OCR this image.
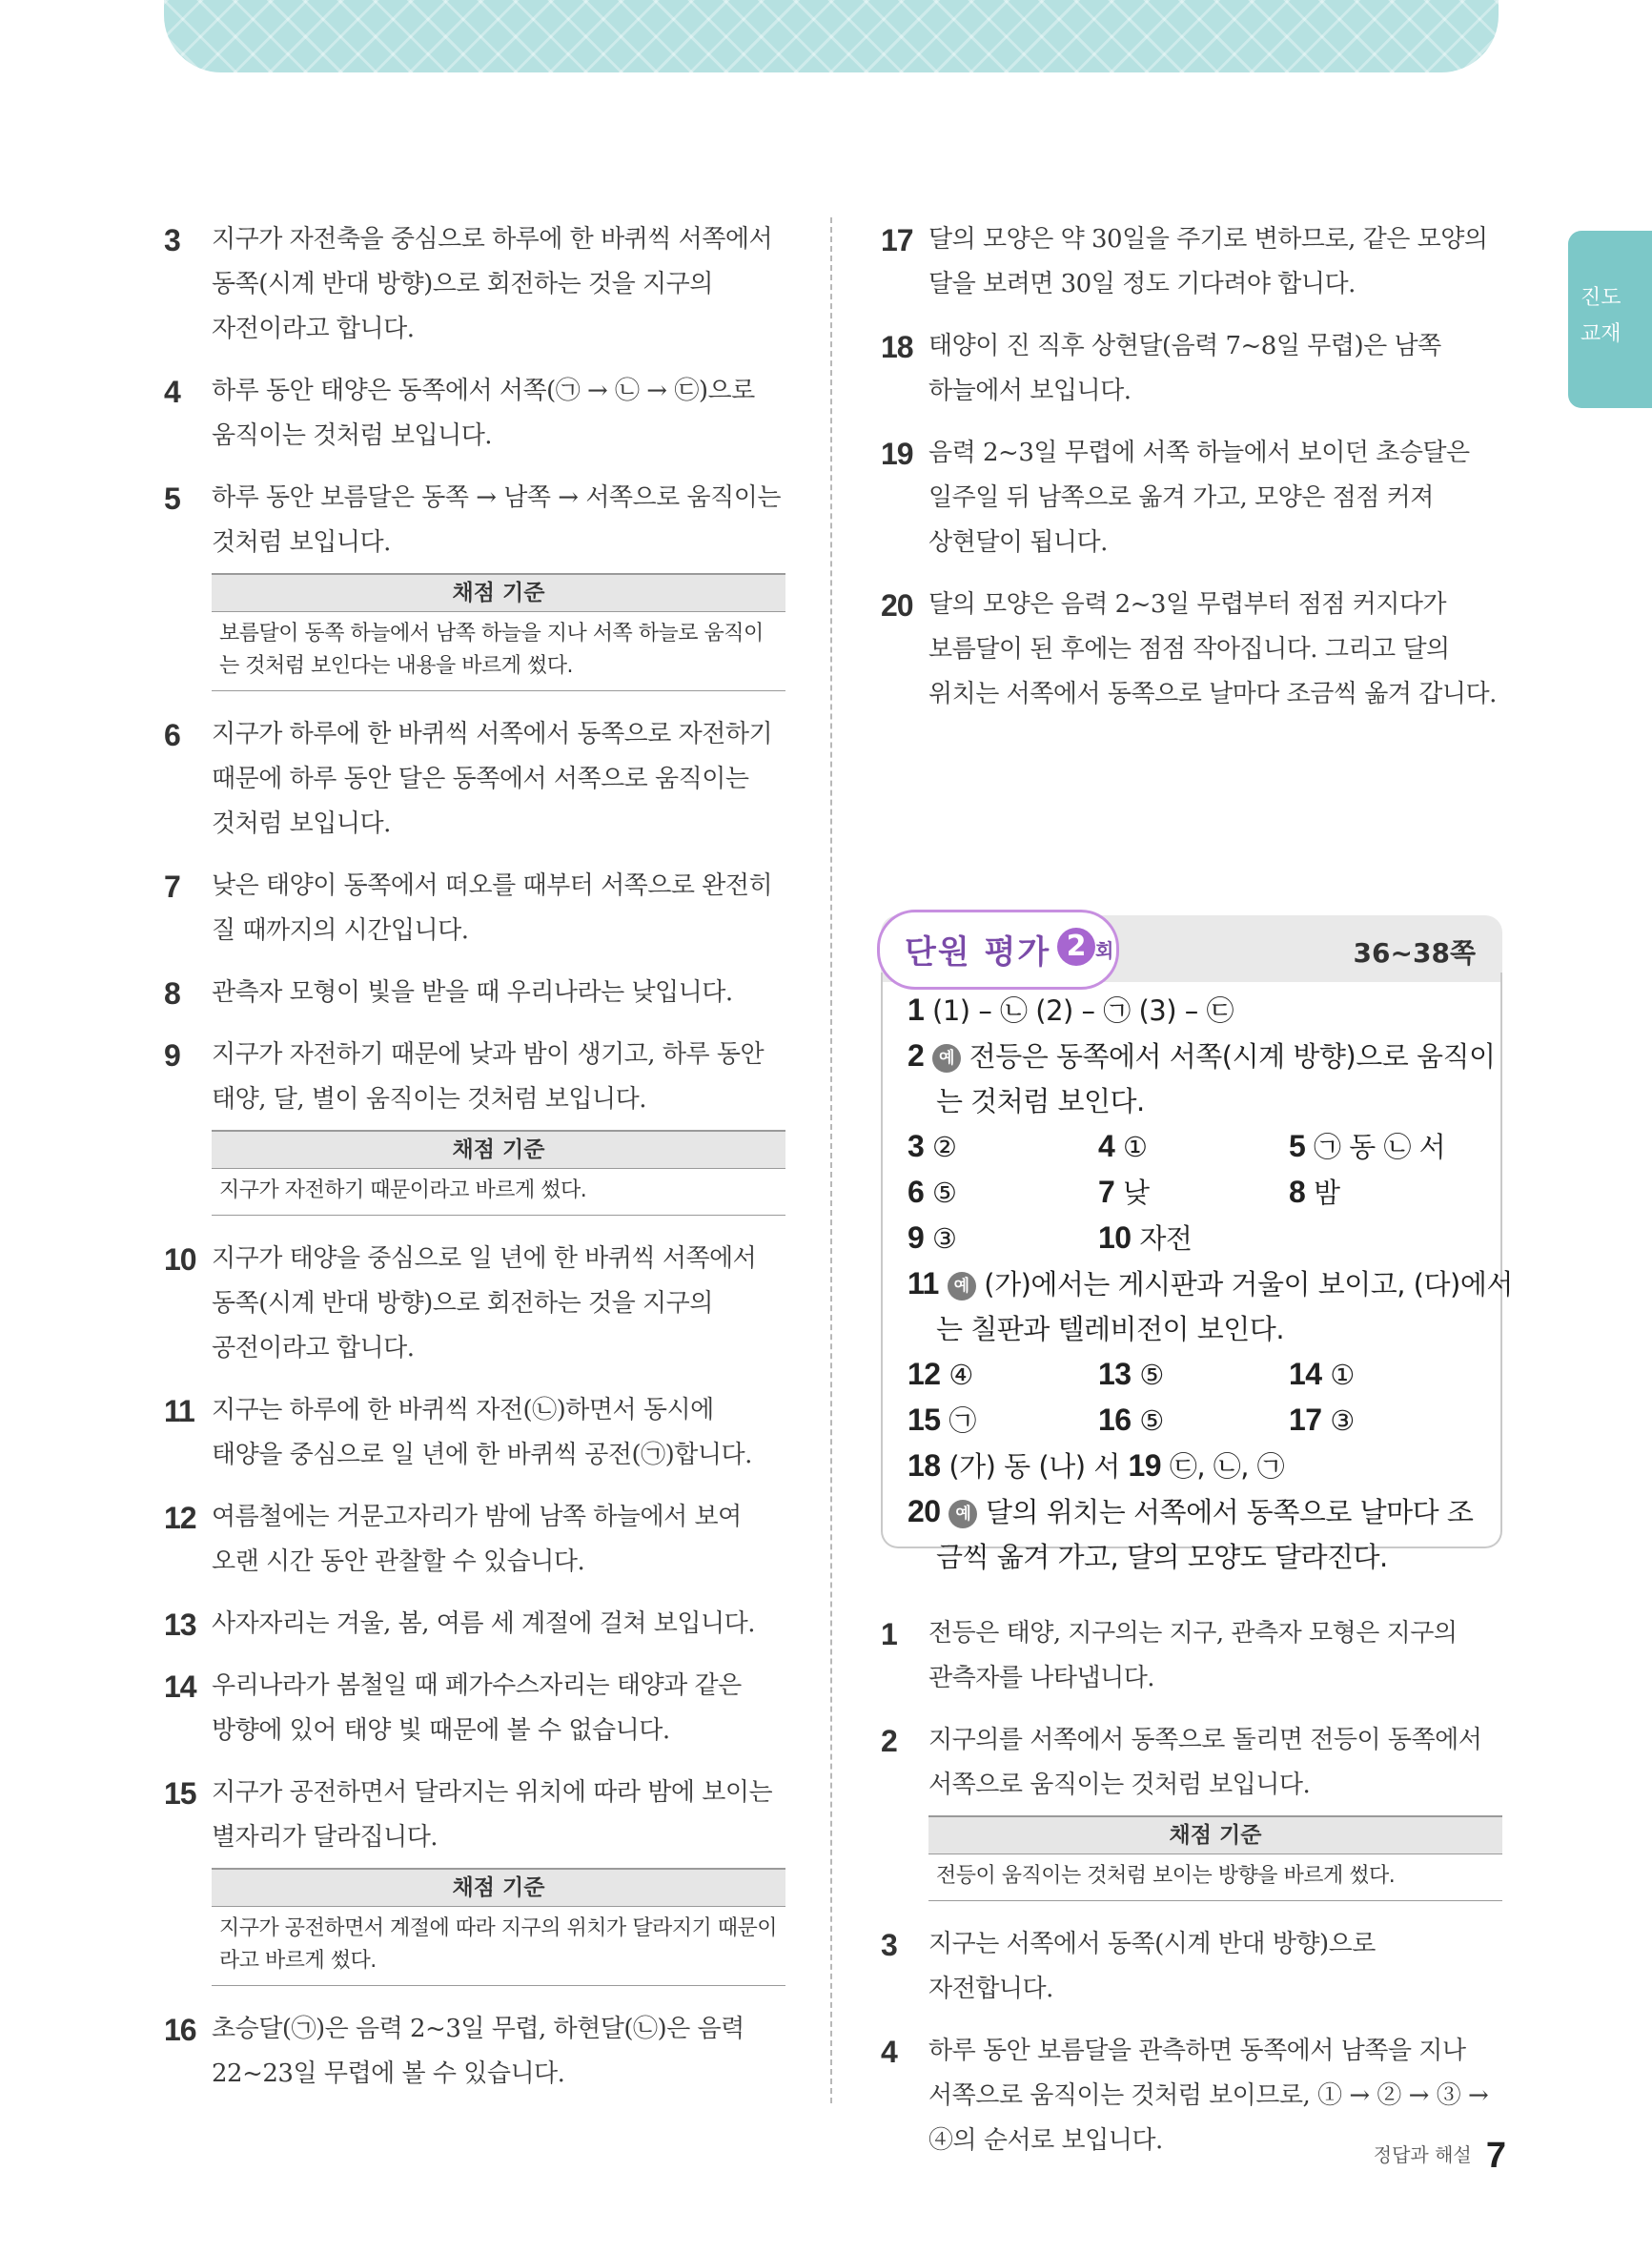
진도
교재
3	지구가 자전축을 중심으로 하루에 한 바퀴씩 서쪽에서 동쪽(시계 반대 방향)으로 회전하는 것을 지구의 자전이라고 합니다.
4	하루 동안 태양은 동쪽에서 서쪽(㉠ → ㉡ → ㉢)으로 움직이는 것처럼 보입니다.
5	하루 동안 보름달은 동쪽 → 남쪽 → 서쪽으로 움직이는 것처럼 보입니다.
채점 기준
보름달이 동쪽 하늘에서 남쪽 하늘을 지나 서쪽 하늘로 움직이는 것처럼 보인다는 내용을 바르게 썼다.
6	지구가 하루에 한 바퀴씩 서쪽에서 동쪽으로 자전하기 때문에 하루 동안 달은 동쪽에서 서쪽으로 움직이는 것처럼 보입니다.
7	낮은 태양이 동쪽에서 떠오를 때부터 서쪽으로 완전히 질 때까지의 시간입니다.
8	관측자 모형이 빛을 받을 때 우리나라는 낮입니다.
9	지구가 자전하기 때문에 낮과 밤이 생기고, 하루 동안 태양, 달, 별이 움직이는 것처럼 보입니다.
채점 기준
지구가 자전하기 때문이라고 바르게 썼다.
10 지구가 태양을 중심으로 일 년에 한 바퀴씩 서쪽에서 동쪽(시계 반대 방향)으로 회전하는 것을 지구의 공전이라고 합니다.
11 지구는 하루에 한 바퀴씩 자전(㉡)하면서 동시에 태양을 중심으로 일 년에 한 바퀴씩 공전(㉠)합니다.
12 여름철에는 거문고자리가 밤에 남쪽 하늘에서 보여 오랜 시간 동안 관찰할 수 있습니다.
13 사자자리는 겨울, 봄, 여름 세 계절에 걸쳐 보입니다.
14 우리나라가 봄철일 때 페가수스자리는 태양과 같은 방향에 있어 태양 빛 때문에 볼 수 없습니다.
15 지구가 공전하면서 달라지는 위치에 따라 밤에 보이는 별자리가 달라집니다.
채점 기준
지구가 공전하면서 계절에 따라 지구의 위치가 달라지기 때문이라고 바르게 썼다.
16 초승달(㉠)은 음력 2~3일 무렵, 하현달(㉡)은 음력 22~23일 무렵에 볼 수 있습니다.
17 달의 모양은 약 30일을 주기로 변하므로, 같은 모양의 달을 보려면 30일 정도 기다려야 합니다.
18 태양이 진 직후 상현달(음력 7~8일 무렵)은 남쪽 하늘에서 보입니다.
19 음력 2~3일 무렵에 서쪽 하늘에서 보이던 초승달은 일주일 뒤 남쪽으로 옮겨 가고, 모양은 점점 커져 상현달이 됩니다.
20 달의 모양은 음력 2~3일 무렵부터 점점 커지다가 보름달이 된 후에는 점점 작아집니다. 그리고 달의 위치는 서쪽에서 동쪽으로 날마다 조금씩 옮겨 갑니다.
단원 평가 2 회	36~38쪽
1 (1) – ㉡ (2) – ㉠ (3) – ㉢
2 예 전등은 동쪽에서 서쪽(시계 방향)으로 움직이
는 것처럼 보인다.
3 ②	4 ①	5 ㉠ 동 ㉡ 서
6 ⑤	7 낮	8 밤
9 ③	10 자전
11 예 (가)에서는 게시판과 거울이 보이고, (다)에서
는 칠판과 텔레비전이 보인다.
12 ④	13 ⑤	14 ①
15 ㉠	16 ⑤	17 ③
18 (가) 동 (나) 서 19 ㉢, ㉡, ㉠
20 예 달의 위치는 서쪽에서 동쪽으로 날마다 조
금씩 옮겨 가고, 달의 모양도 달라진다.
1	전등은 태양, 지구의는 지구, 관측자 모형은 지구의 관측자를 나타냅니다.
2	지구의를 서쪽에서 동쪽으로 돌리면 전등이 동쪽에서 서쪽으로 움직이는 것처럼 보입니다.
채점 기준
전등이 움직이는 것처럼 보이는 방향을 바르게 썼다.
3	지구는 서쪽에서 동쪽(시계 반대 방향)으로 자전합니다.
4	하루 동안 보름달을 관측하면 동쪽에서 남쪽을 지나 서쪽으로 움직이는 것처럼 보이므로, ① → ② → ③ → ④의 순서로 보입니다.	정답과 해설 7
